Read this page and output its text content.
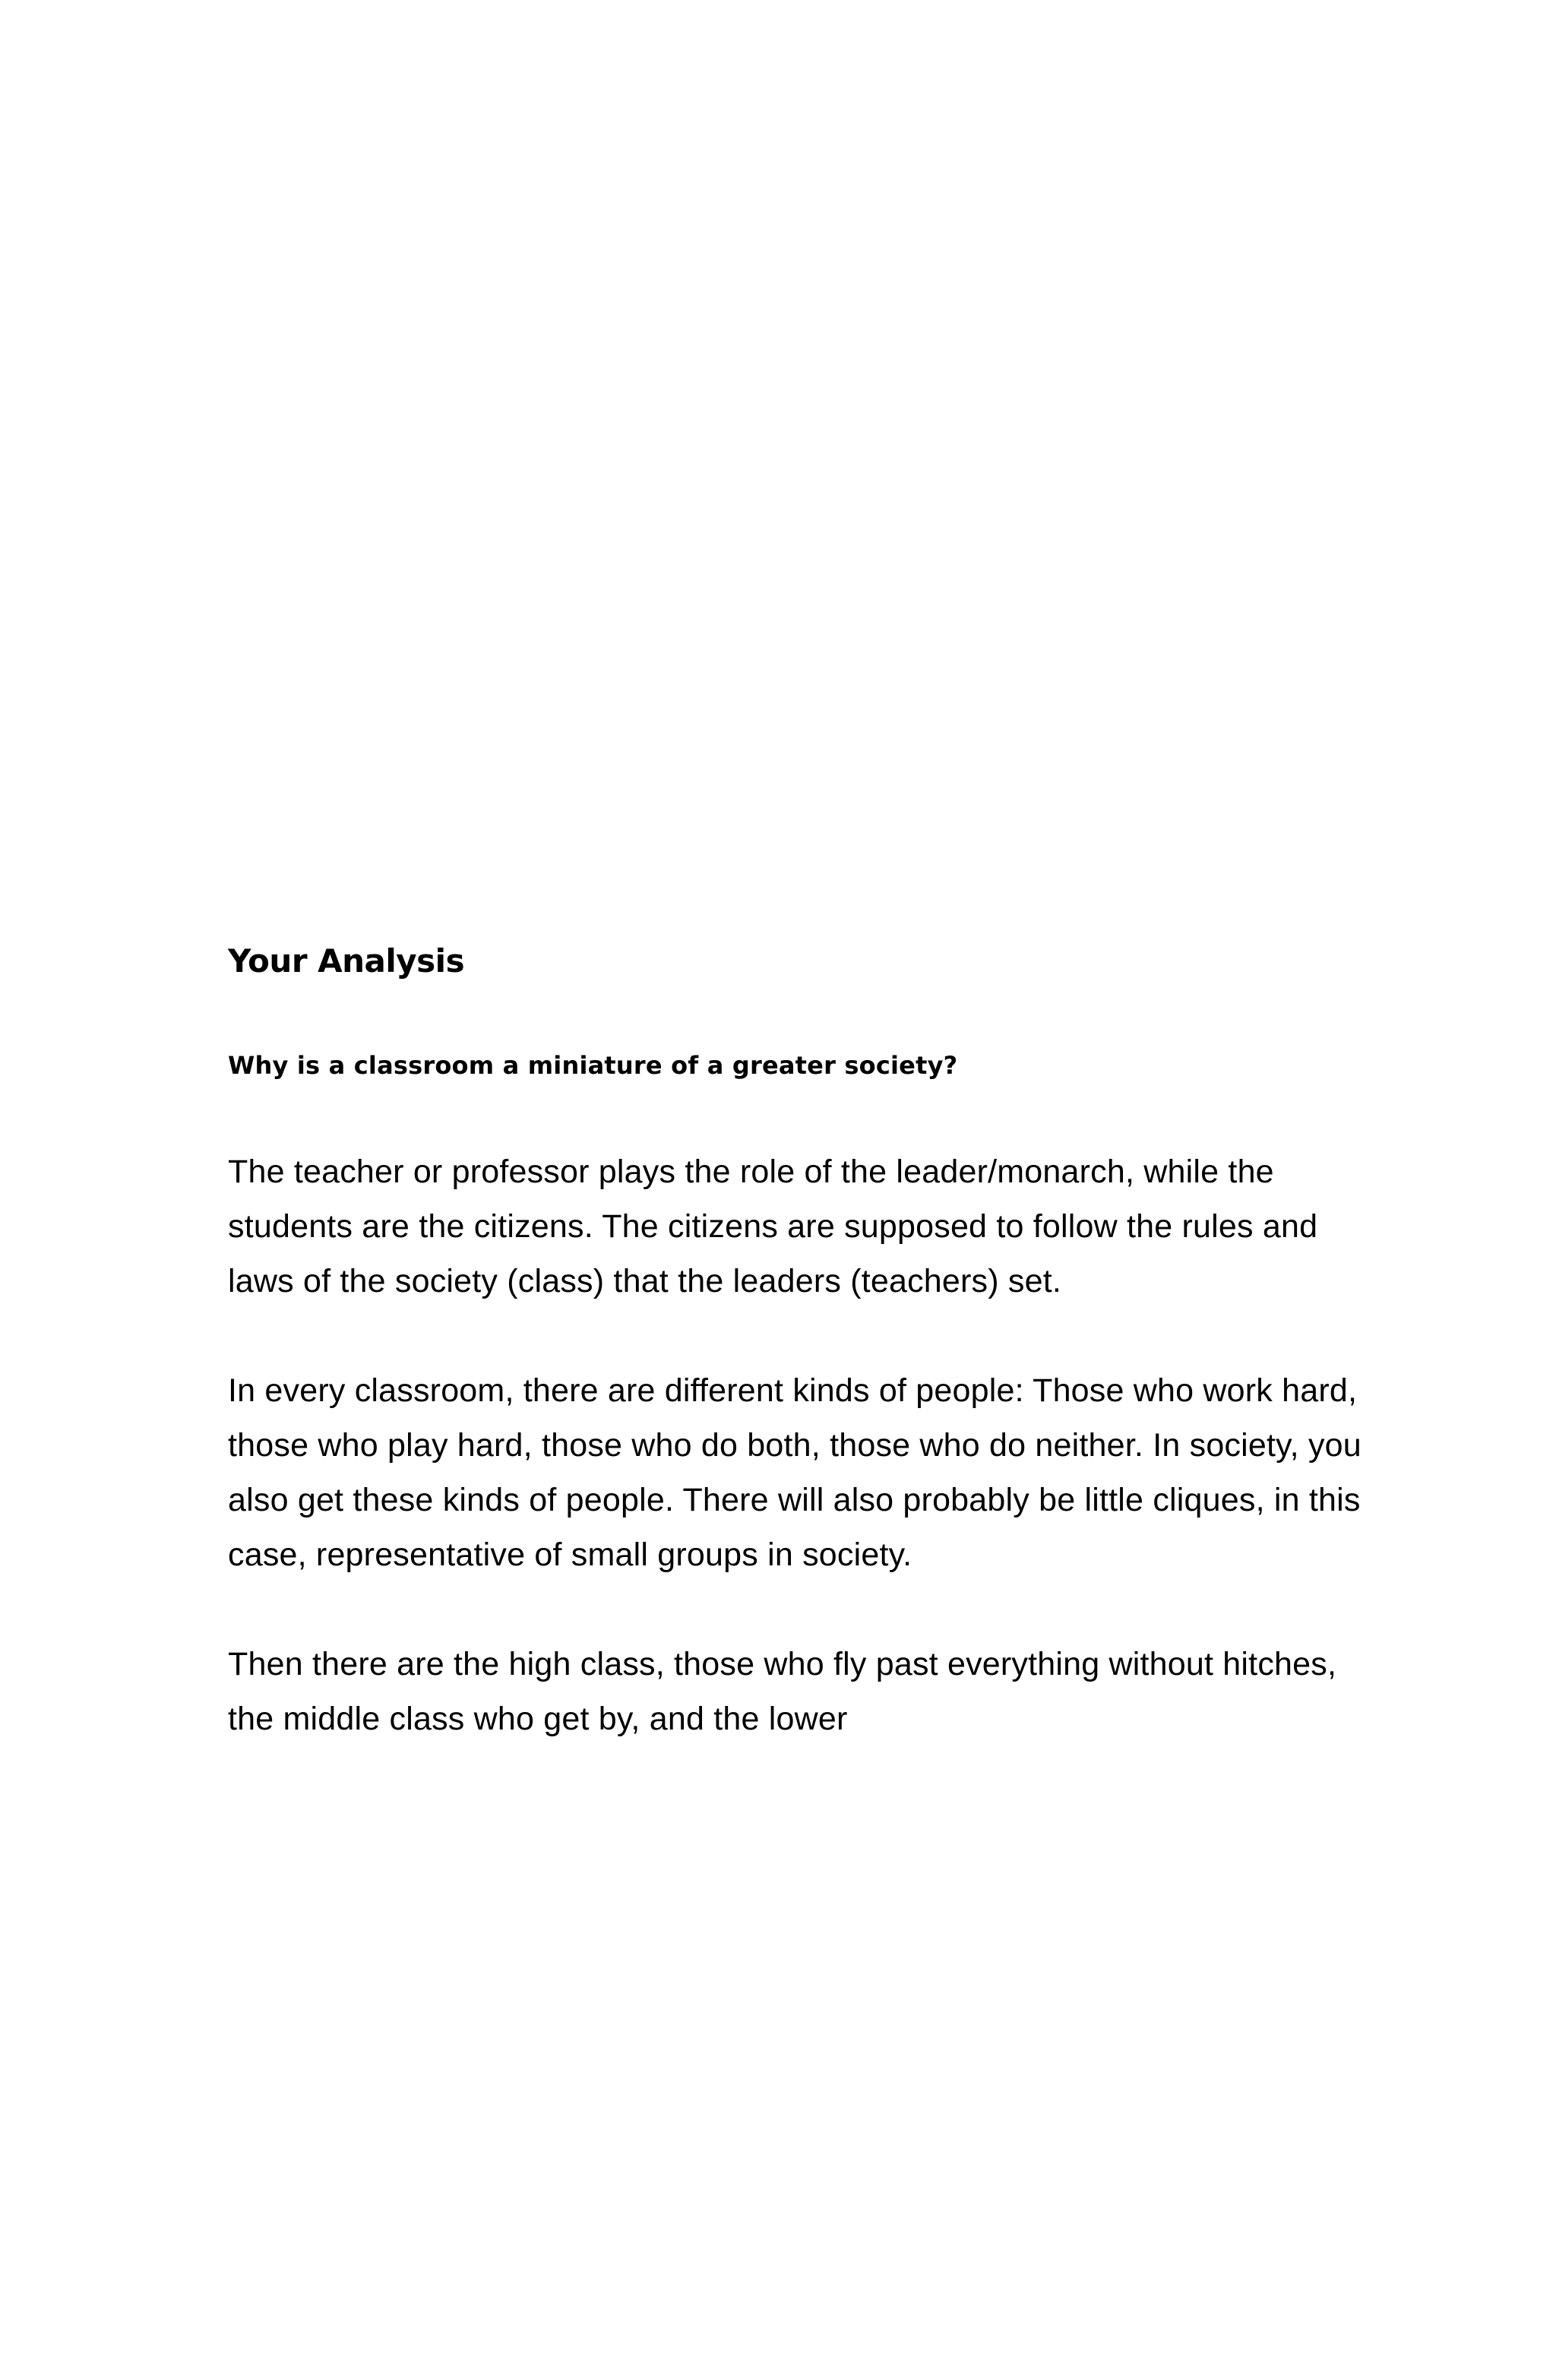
Your Analysis

Why is a classroom a miniature of a greater society?

The teacher or professor plays the role of the leader/monarch, while the students are the citizens. The citizens are supposed to follow the rules and laws of the society (class) that the leaders (teachers) set.

In every classroom, there are different kinds of people: Those who work hard, those who play hard, those who do both, those who do neither. In society, you also get these kinds of people. There will also probably be little cliques, in this case, representative of small groups in society.

Then there are the high class, those who fly past everything without hitches, the middle class who get by, and the lower
